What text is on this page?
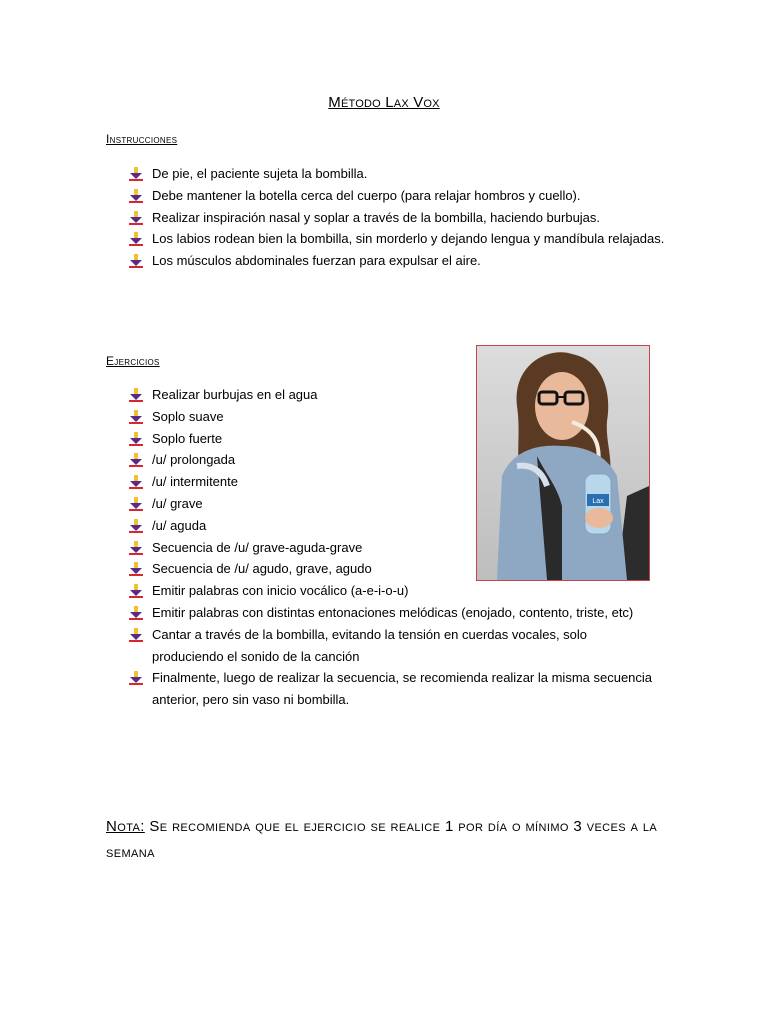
Método Lax Vox
Instrucciones
De pie, el paciente sujeta la bombilla.
Debe mantener la botella cerca del cuerpo (para relajar hombros y cuello).
Realizar inspiración nasal y soplar a través de la bombilla, haciendo burbujas.
Los labios rodean bien la bombilla, sin morderlo y dejando lengua y mandíbula relajadas.
Los músculos abdominales fuerzan para expulsar el aire.
Ejercicios
Realizar burbujas en el agua
Soplo suave
Soplo fuerte
/u/ prolongada
/u/ intermitente
/u/ grave
/u/ aguda
Secuencia de /u/ grave-aguda-grave
Secuencia de /u/ agudo, grave, agudo
Emitir palabras con inicio vocálico (a-e-i-o-u)
Emitir palabras con distintas entonaciones melódicas (enojado, contento, triste, etc)
Cantar a través de la bombilla, evitando la tensión en cuerdas vocales, solo produciendo el sonido de la canción
Finalmente, luego de realizar la secuencia, se recomienda realizar la misma secuencia anterior, pero sin vaso ni bombilla.
Lax
Nota: Se recomienda que el ejercicio se realice 1 por día o mínimo 3 veces a la semana
